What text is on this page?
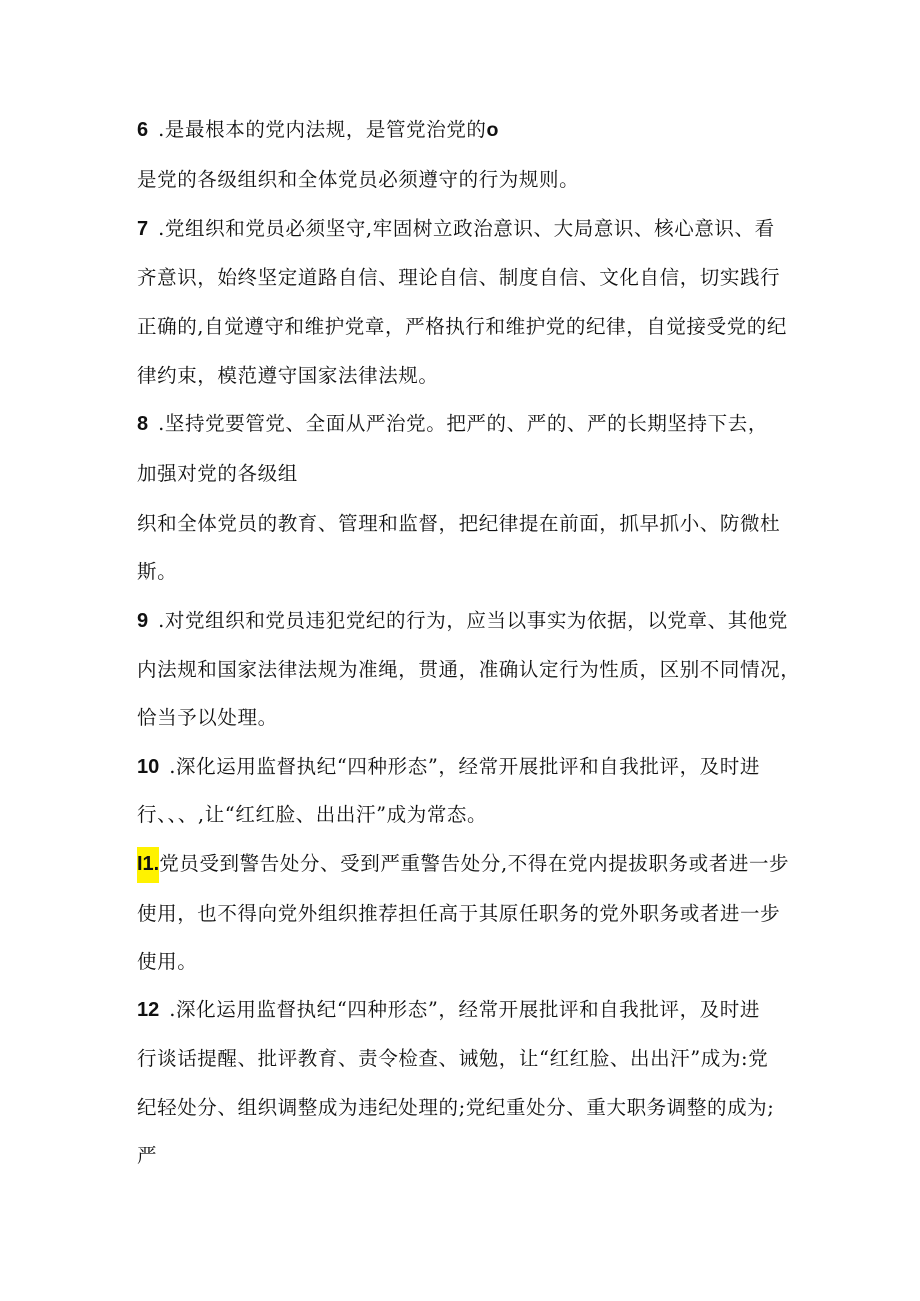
6 .是最根本的党内法规，是管党治党的o
是党的各级组织和全体党员必须遵守的行为规则。
7 .党组织和党员必须坚守,牢固树立政治意识、大局意识、核心意识、看
齐意识，始终坚定道路自信、理论自信、制度自信、文化自信，切实践行
正确的,自觉遵守和维护党章，严格执行和维护党的纪律，自觉接受党的纪
律约束，模范遵守国家法律法规。
8 .坚持党要管党、全面从严治党。把严的、严的、严的长期坚持下去，
加强对党的各级组
织和全体党员的教育、管理和监督，把纪律提在前面，抓早抓小、防微杜
斯。
9 .对党组织和党员违犯党纪的行为，应当以事实为依据，以党章、其他党
内法规和国家法律法规为准绳，贯通，准确认定行为性质，区别不同情况，
恰当予以处理。
10 .深化运用监督执纪“四种形态”，经常开展批评和自我批评，及时进
行、、、,让“红红脸、出出汗”成为常态。
I1.党员受到警告处分、受到严重警告处分,不得在党内提拔职务或者进一步
使用，也不得向党外组织推荐担任高于其原任职务的党外职务或者进一步
使用。
12 .深化运用监督执纪“四种形态”，经常开展批评和自我批评，及时进
行谈话提醒、批评教育、责令检查、诫勉，让“红红脸、出出汗”成为:党
纪轻处分、组织调整成为违纪处理的;党纪重处分、重大职务调整的成为;
严
